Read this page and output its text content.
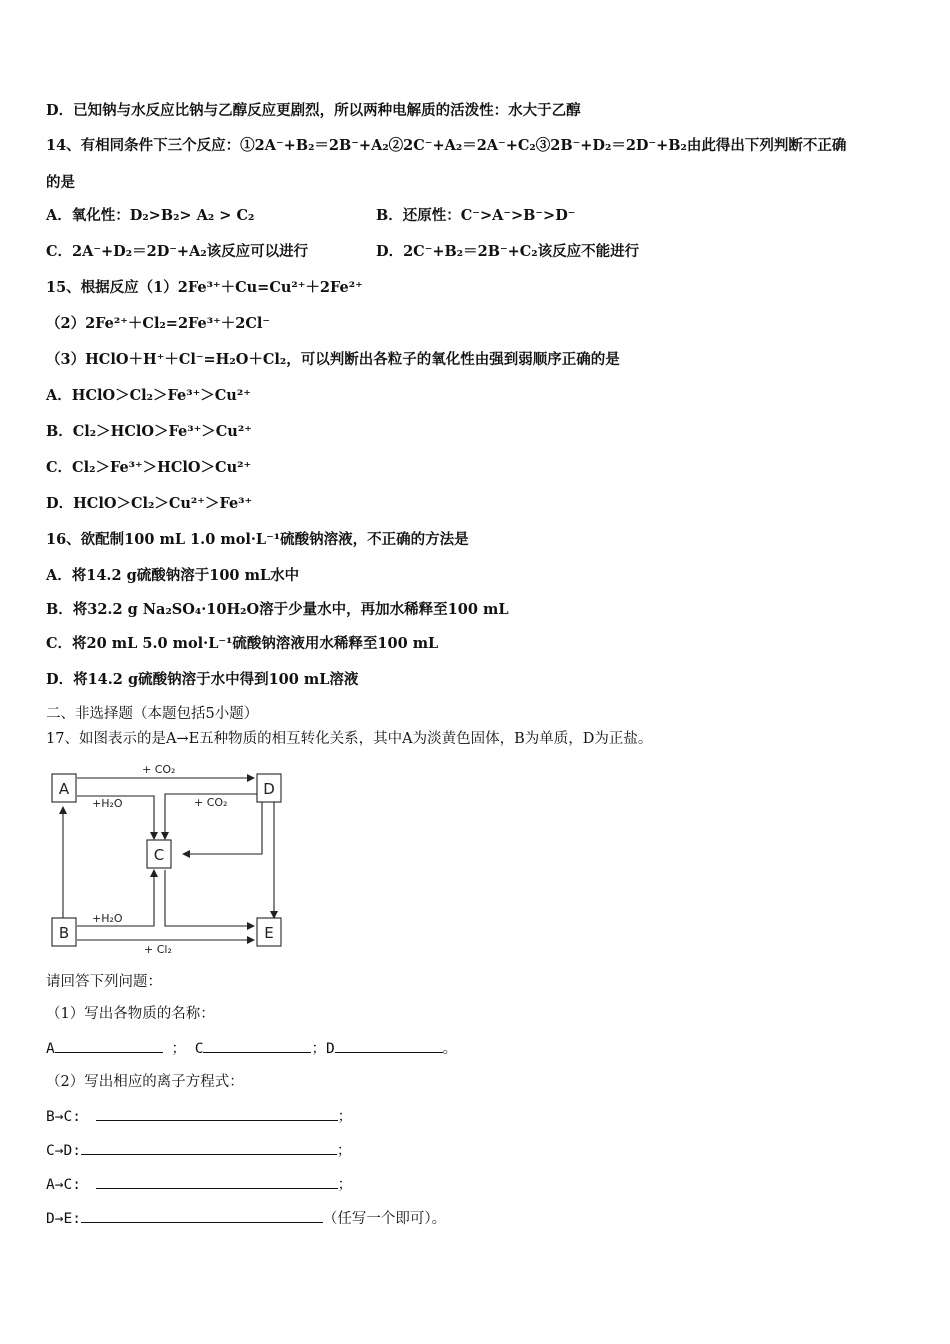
D．已知钠与水反应比钠与乙醇反应更剧烈，所以两种电解质的活泼性：水大于乙醇
14、有相同条件下三个反应：①2A⁻+B₂＝2B⁻+A₂②2C⁻+A₂＝2A⁻+C₂③2B⁻+D₂＝2D⁻+B₂由此得出下列判断不正确
的是
A．氧化性：D₂>B₂> A₂ > C₂	B．还原性：C⁻>A⁻>B⁻>D⁻
C．2A⁻+D₂＝2D⁻+A₂该反应可以进行	D．2C⁻+B₂＝2B⁻+C₂该反应不能进行
15、根据反应（1）2Fe³⁺＋Cu=Cu²⁺＋2Fe²⁺
（2）2Fe²⁺＋Cl₂=2Fe³⁺＋2Cl⁻
（3）HClO＋H⁺＋Cl⁻=H₂O＋Cl₂，可以判断出各粒子的氧化性由强到弱顺序正确的是
A．HClO＞Cl₂＞Fe³⁺＞Cu²⁺
B．Cl₂＞HClO＞Fe³⁺＞Cu²⁺
C．Cl₂＞Fe³⁺＞HClO＞Cu²⁺
D．HClO＞Cl₂＞Cu²⁺＞Fe³⁺
16、欲配制100 mL 1.0 mol·L⁻¹硫酸钠溶液，不正确的方法是
A．将14.2 g硫酸钠溶于100 mL水中
B．将32.2 g Na₂SO₄·10H₂O溶于少量水中，再加水稀释至100 mL
C．将20 mL 5.0 mol·L⁻¹硫酸钠溶液用水稀释至100 mL
D．将14.2 g硫酸钠溶于水中得到100 mL溶液
二、非选择题（本题包括5小题）
17、如图表示的是A→E五种物质的相互转化关系，其中A为淡黄色固体，B为单质，D为正盐。
A
B
C
D
E
+ CO₂
+H₂O	+ CO₂
+H₂O
+ Cl₂
请回答下列问题：
（1）写出各物质的名称：
A	； C	；D	。
（2）写出相应的离子方程式：
B→C:	；
C→D:	；
A→C:	；
D→E:	（任写一个即可）。
